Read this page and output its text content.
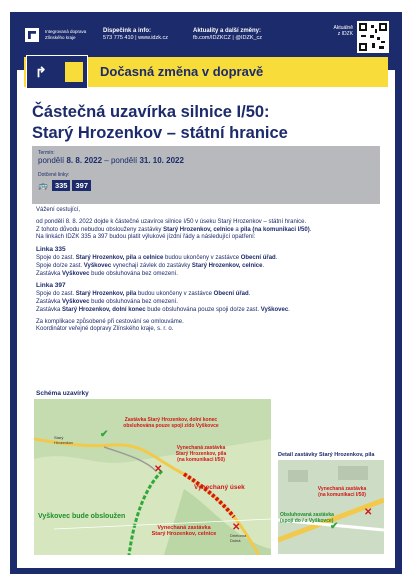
Integrovaná doprava
Zlínského kraje
Dispečink a info:
573 775 410 | www.idzk.cz
Aktuality a další změny:
fb.com/IDZKCZ | @IDZK_cz
Aktuálně
z IDZK
↱	Dočasná změna v dopravě
Částečná uzavírka silnice I/50:
Starý Hrozenkov – státní hranice
Termín:
pondělí 8. 8. 2022 – pondělí 31. 10. 2022
Dotčené linky:
🚌 335	397

Vážení cestující,

od pondělí 8. 8. 2022 dojde k částečné uzavírce silnice I/50 v úseku Starý Hrozenkov – státní hranice.
Z tohoto důvodu nebudou obslouženy zastávky Starý Hrozenkov, celnice a pila (na komunikaci I/50).
Na linkách IDZK 335 a 397 budou platit výlukové jízdní řády a následující opatření:

Linka 335
Spoje do zast. Starý Hrozenkov, pila a celnice budou ukončeny v zastávce Obecní úřad.
Spoje do/ze zast. Vyškovec vynechají závlek do zastávky Starý Hrozenkov, celnice.
Zastávka Vyškovec bude obsluhována bez omezení.

Linka 397
Spoje do zast. Starý Hrozenkov, pila budou ukončeny v zastávce Obecní úřad.
Zastávka Vyškovec bude obsluhována bez omezení.
Zastávka Starý Hrozenkov, dolní konec bude obsluhována pouze spoji do/ze zast. Vyškovec.

Za komplikace způsobené při cestování se omlouváme.
Koordinátor veřejné dopravy Zlínského kraje, s. r. o.

Schéma uzavírky
Starý
Hrozenkov
Drietoma
Dolná
Zastávka Starý Hrozenkov, dolní konec
obsluhována pouze spoji z/do Vyškovce
✔
Vynechaná zastávka
Starý Hrozenkov, pila
(na komunikaci I/50)
✕
Vynechaný úsek
Vyškovec bude obsloužen
Vynechaná zastávka
Starý Hrozenkov, celnice
✕
Detail zastávky Starý Hrozenkov, pila
Vynechaná zastávka
(na komunikaci I/50)
✕
Obsluhovaná zastávka
(spoji do / z Vyškovce)
✔
